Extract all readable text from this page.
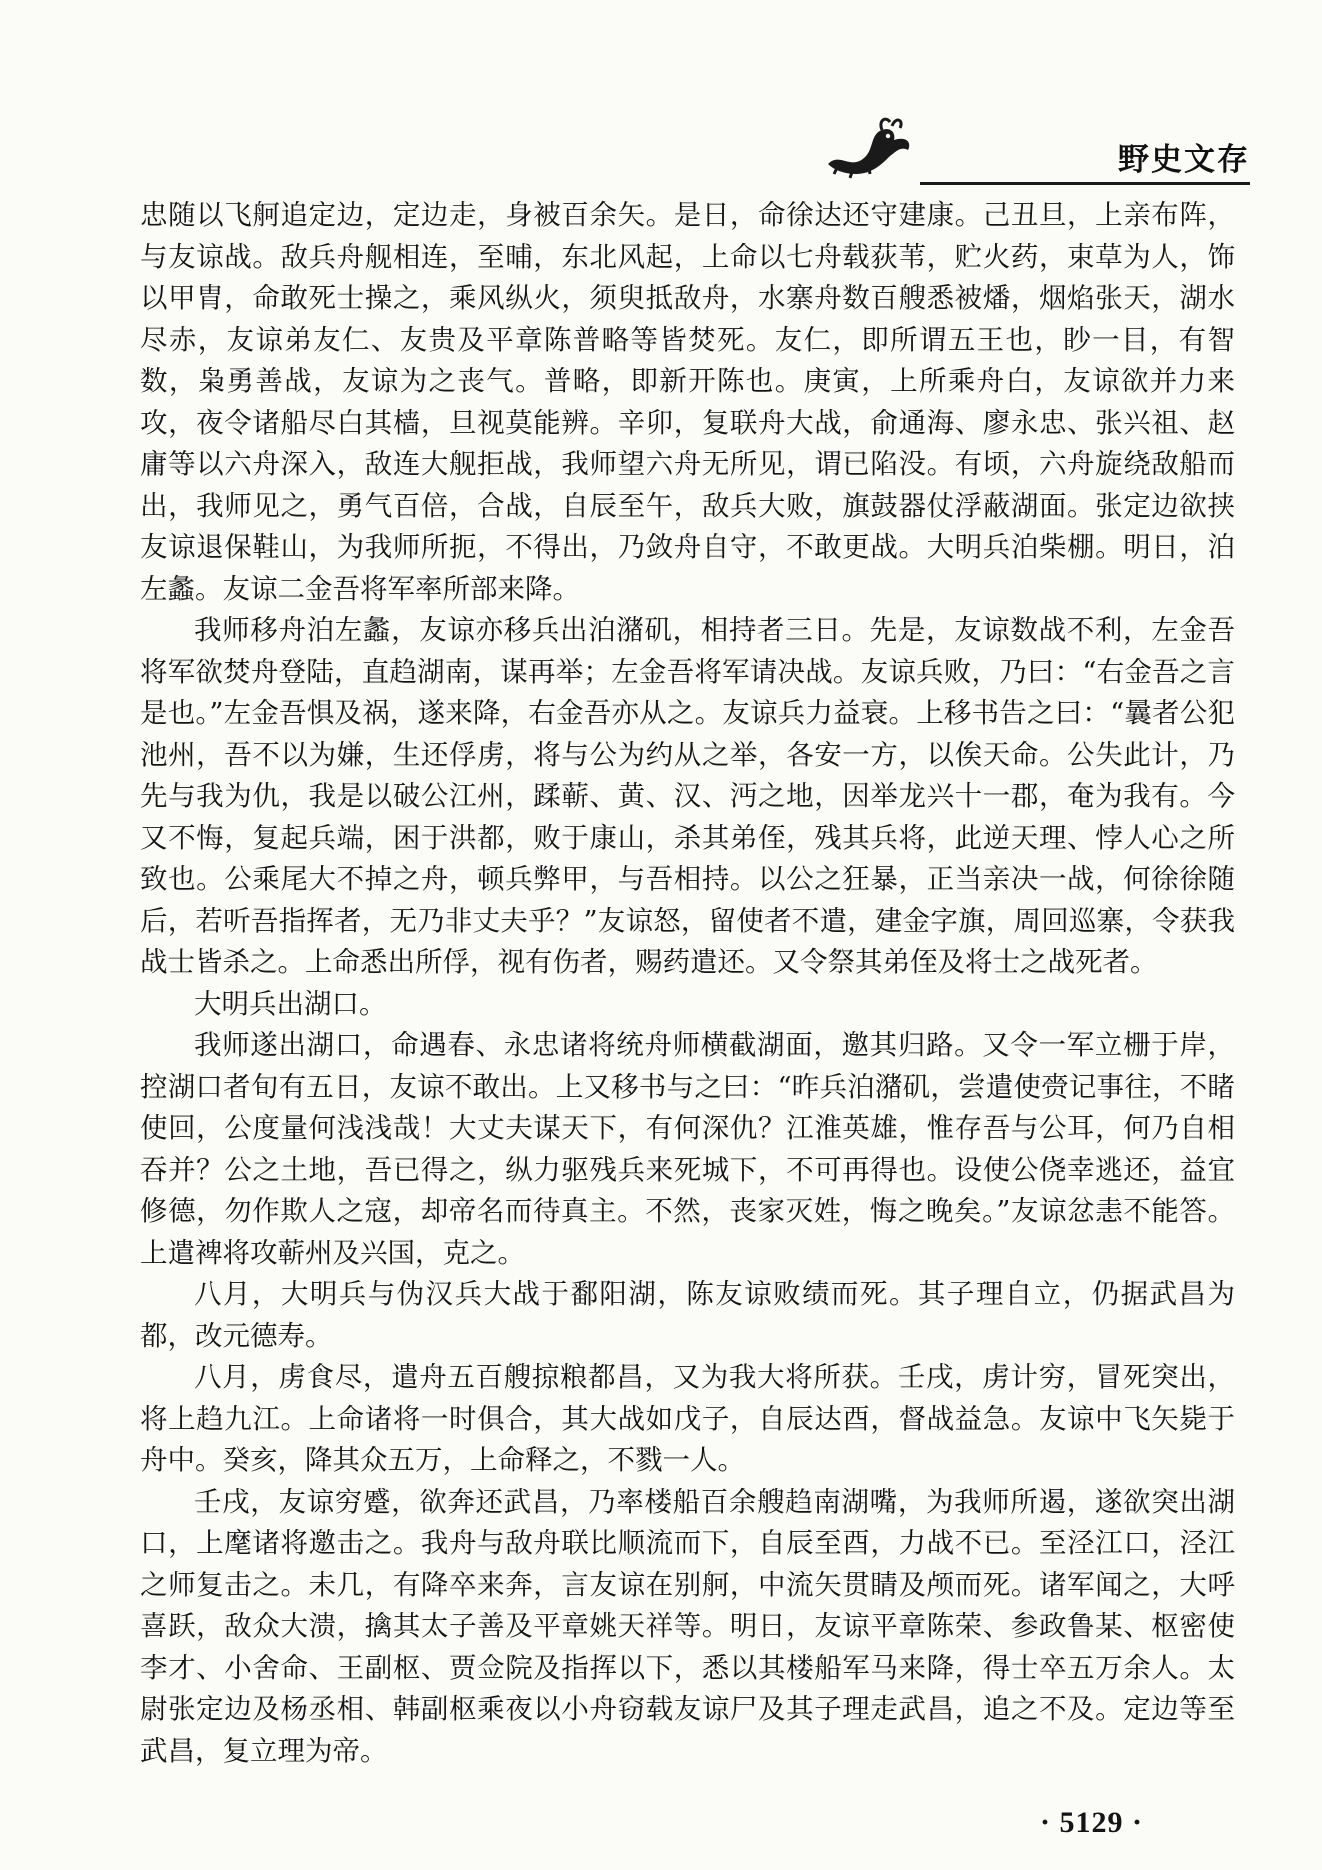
野史文存

忠随以飞舸追定边，定边走，身被百余矢。是日，命徐达还守建康。己丑旦，上亲布阵，与友谅战。敌兵舟舰相连，至晡，东北风起，上命以七舟载荻苇，贮火药，束草为人，饰以甲胄，命敢死士操之，乘风纵火，须臾抵敌舟，水寨舟数百艘悉被燔，烟焰张天，湖水尽赤，友谅弟友仁、友贵及平章陈普略等皆焚死。友仁，即所谓五王也，眇一目，有智数，枭勇善战，友谅为之丧气。普略，即新开陈也。庚寅，上所乘舟白，友谅欲并力来攻，夜令诸船尽白其樯，旦视莫能辨。辛卯，复联舟大战，俞通海、廖永忠、张兴祖、赵庸等以六舟深入，敌连大舰拒战，我师望六舟无所见，谓已陷没。有顷，六舟旋绕敌船而出，我师见之，勇气百倍，合战，自辰至午，敌兵大败，旗鼓器仗浮蔽湖面。张定边欲挟友谅退保鞋山，为我师所扼，不得出，乃敛舟自守，不敢更战。大明兵泊柴棚。明日，泊左蠡。友谅二金吾将军率所部来降。

我师移舟泊左蠡，友谅亦移兵出泊潴矶，相持者三日。先是，友谅数战不利，左金吾将军欲焚舟登陆，直趋湖南，谋再举；左金吾将军请决战。友谅兵败，乃曰：“右金吾之言是也。”左金吾惧及祸，遂来降，右金吾亦从之。友谅兵力益衰。上移书告之曰：“曩者公犯池州，吾不以为嫌，生还俘虏，将与公为约从之举，各安一方，以俟天命。公失此计，乃先与我为仇，我是以破公江州，蹂蕲、黄、汉、沔之地，因举龙兴十一郡，奄为我有。今又不悔，复起兵端，困于洪都，败于康山，杀其弟侄，残其兵将，此逆天理、悖人心之所致也。公乘尾大不掉之舟，顿兵弊甲，与吾相持。以公之狂暴，正当亲决一战，何徐徐随后，若听吾指挥者，无乃非丈夫乎？”友谅怒，留使者不遣，建金字旗，周回巡寨，令获我战士皆杀之。上命悉出所俘，视有伤者，赐药遣还。又令祭其弟侄及将士之战死者。

大明兵出湖口。

我师遂出湖口，命遇春、永忠诸将统舟师横截湖面，邀其归路。又令一军立栅于岸，控湖口者旬有五日，友谅不敢出。上又移书与之曰：“昨兵泊潴矶，尝遣使赍记事往，不睹使回，公度量何浅浅哉！大丈夫谋天下，有何深仇？江淮英雄，惟存吾与公耳，何乃自相吞并？公之土地，吾已得之，纵力驱残兵来死城下，不可再得也。设使公侥幸逃还，益宜修德，勿作欺人之寇，却帝名而待真主。不然，丧家灭姓，悔之晚矣。”友谅忿恚不能答。上遣裨将攻蕲州及兴国，克之。

八月，大明兵与伪汉兵大战于鄱阳湖，陈友谅败绩而死。其子理自立，仍据武昌为都，改元德寿。

八月，虏食尽，遣舟五百艘掠粮都昌，又为我大将所获。壬戌，虏计穷，冒死突出，将上趋九江。上命诸将一时俱合，其大战如戊子，自辰达酉，督战益急。友谅中飞矢毙于舟中。癸亥，降其众五万，上命释之，不戮一人。

壬戌，友谅穷蹙，欲奔还武昌，乃率楼船百余艘趋南湖嘴，为我师所遏，遂欲突出湖口，上麾诸将邀击之。我舟与敌舟联比顺流而下，自辰至酉，力战不已。至泾江口，泾江之师复击之。未几，有降卒来奔，言友谅在别舸，中流矢贯睛及颅而死。诸军闻之，大呼喜跃，敌众大溃，擒其太子善及平章姚天祥等。明日，友谅平章陈荣、参政鲁某、枢密使李才、小舍命、王副枢、贾佥院及指挥以下，悉以其楼船军马来降，得士卒五万余人。太尉张定边及杨丞相、韩副枢乘夜以小舟窃载友谅尸及其子理走武昌，追之不及。定边等至武昌，复立理为帝。

· 5129 ·
